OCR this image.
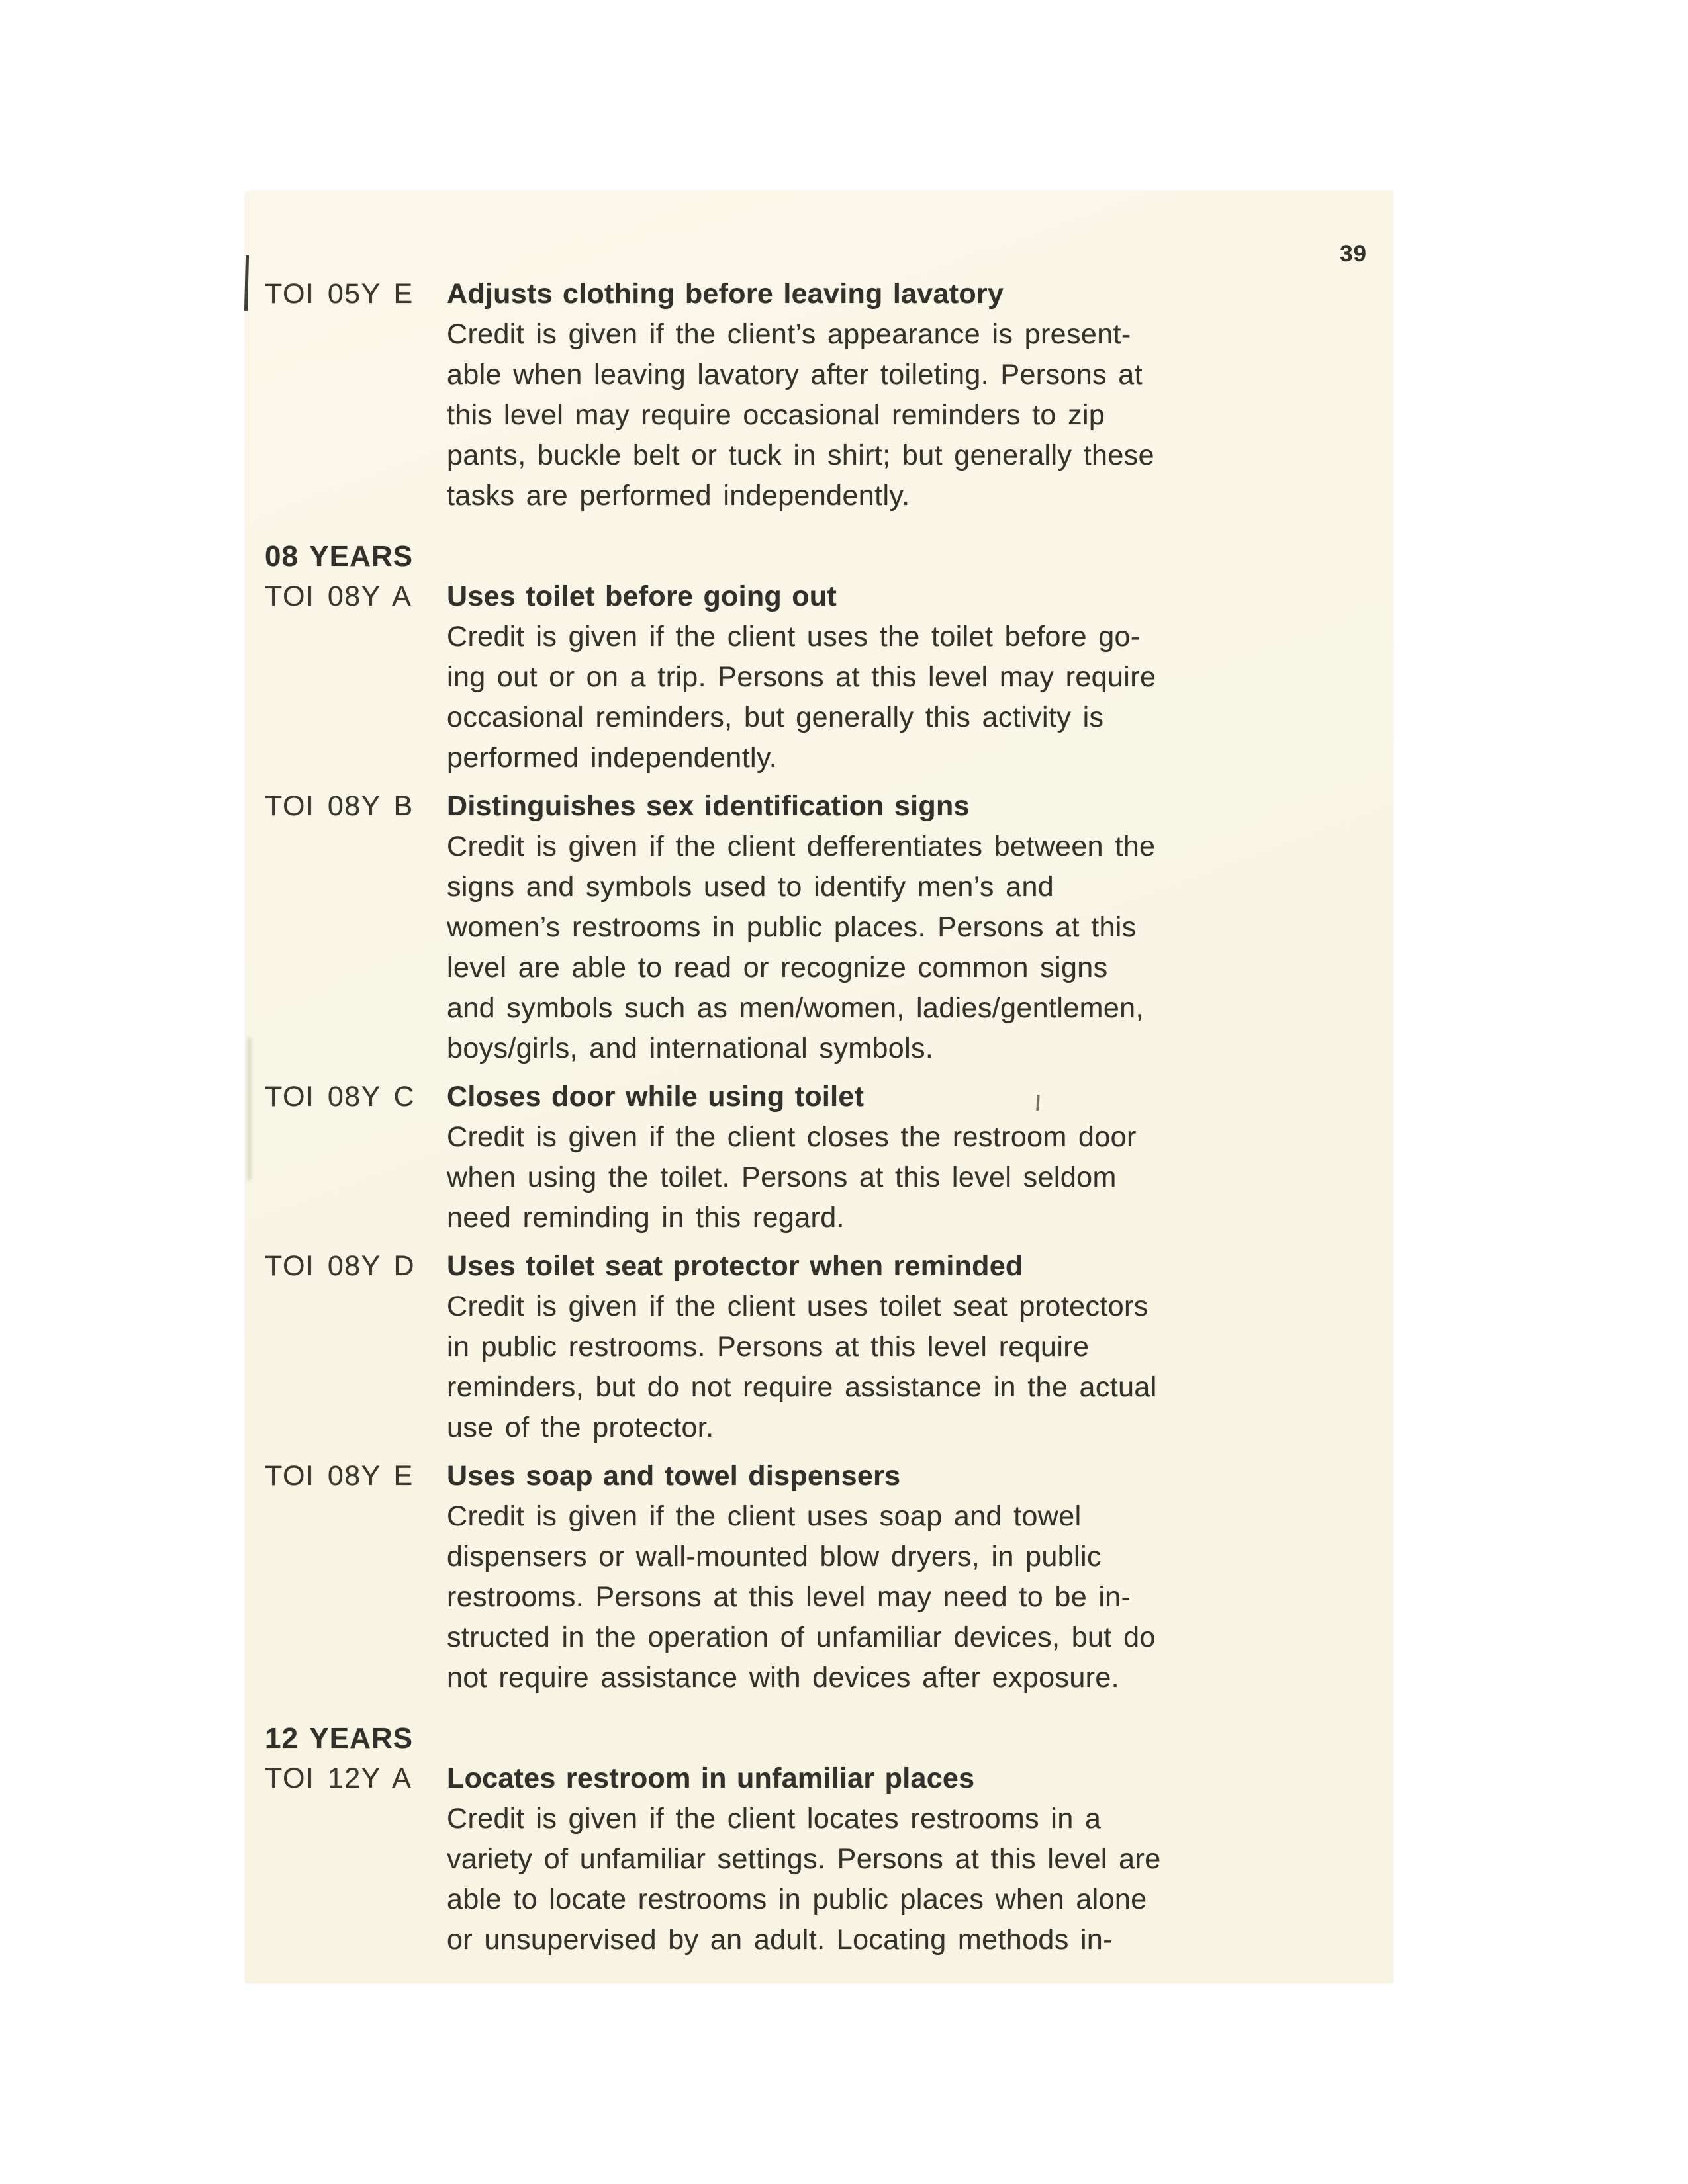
39
TOI 05Y E	Adjusts clothing before leaving lavatory
Credit is given if the client’s appearance is present-
able when leaving lavatory after toileting. Persons at
this level may require occasional reminders to zip
pants, buckle belt or tuck in shirt; but generally these
tasks are performed independently.
08 YEARS
TOI 08Y A	Uses toilet before going out
Credit is given if the client uses the toilet before go-
ing out or on a trip. Persons at this level may require
occasional reminders, but generally this activity is
performed independently.
TOI 08Y B	Distinguishes sex identification signs
Credit is given if the client defferentiates between the
signs and symbols used to identify men’s and
women’s restrooms in public places. Persons at this
level are able to read or recognize common signs
and symbols such as men/women, ladies/gentlemen,
boys/girls, and international symbols.
TOI 08Y C	Closes door while using toilet
Credit is given if the client closes the restroom door
when using the toilet. Persons at this level seldom
need reminding in this regard.
TOI 08Y D	Uses toilet seat protector when reminded
Credit is given if the client uses toilet seat protectors
in public restrooms. Persons at this level require
reminders, but do not require assistance in the actual
use of the protector.
TOI 08Y E	Uses soap and towel dispensers
Credit is given if the client uses soap and towel
dispensers or wall-mounted blow dryers, in public
restrooms. Persons at this level may need to be in-
structed in the operation of unfamiliar devices, but do
not require assistance with devices after exposure.
12 YEARS
TOI 12Y A	Locates restroom in unfamiliar places
Credit is given if the client locates restrooms in a
variety of unfamiliar settings. Persons at this level are
able to locate restrooms in public places when alone
or unsupervised by an adult. Locating methods in-
